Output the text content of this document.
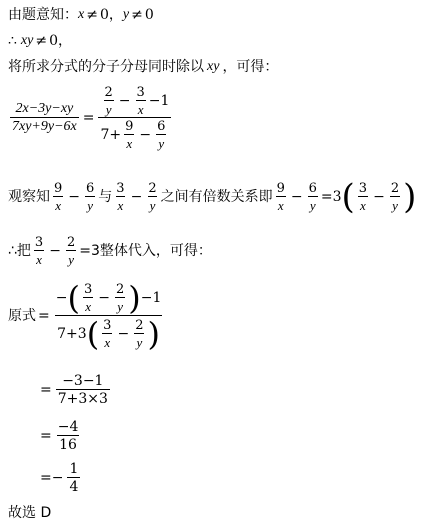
由题意知： x ≠ 0 ， y ≠ 0
∴ xy ≠ 0 ，
将所求分式的分子分母同时除以 xy ，可得：
$\frac{2x-3y-xy}{7xy+9y-6x}$ =
$\frac{2}{y} - \frac{3}{x} -1$
$7+ \frac{9}{x} - \frac{6}{y}$
观察知 $\frac{9}{x} - \frac{6}{y}$ 与 $\frac{3}{x} - \frac{2}{y}$ 之间有倍数关系即 $\frac{9}{x} - \frac{6}{y} =3$ ( $\frac{3}{x} - \frac{2}{y}$ )
∴把 $\frac{3}{x} - \frac{2}{y} =3$整体代入，可得：
原式 =
− ( $\frac{3}{x} - \frac{2}{y}$ ) −1
7+3 ( $\frac{3}{x} - \frac{2}{y}$ )
= $\frac{-3-1}{7+3\times 3}$
= $\frac{-4}{16}$
=− $\frac{1}{4}$
故选 D
